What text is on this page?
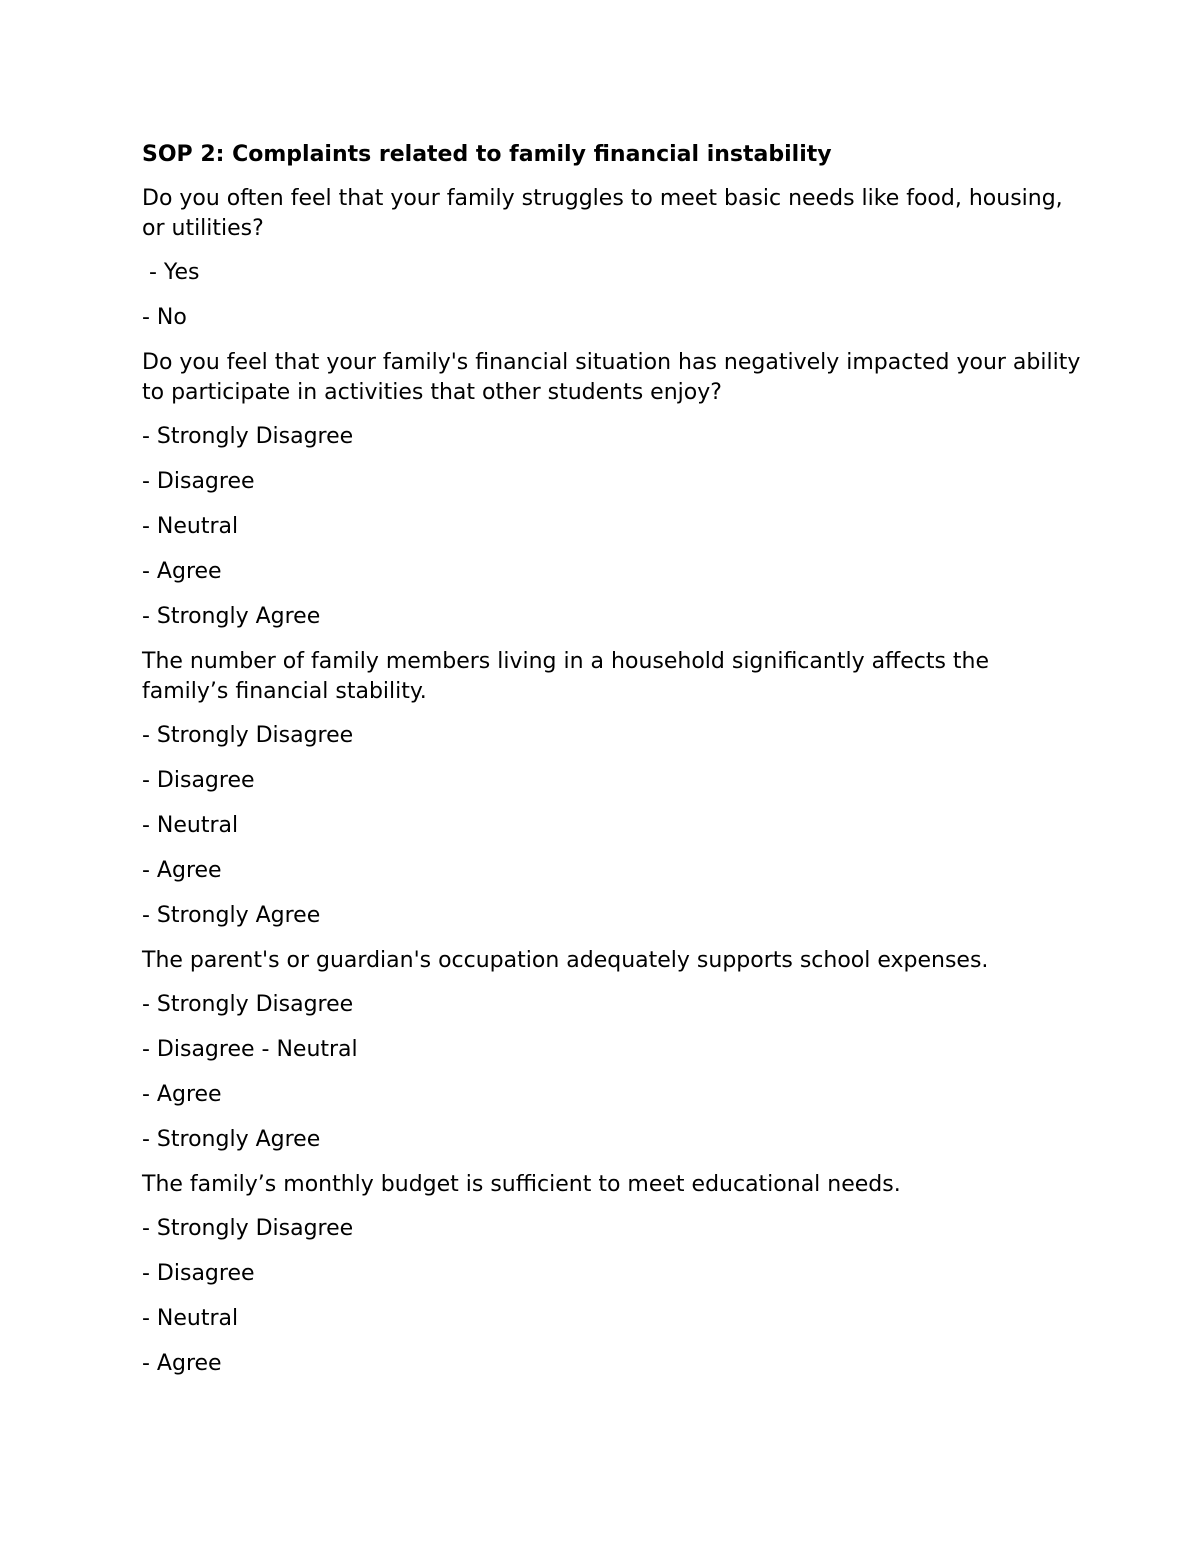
SOP 2: Complaints related to family financial instability
Do you often feel that your family struggles to meet basic needs like food, housing, or utilities?
- Yes
- No
Do you feel that your family's financial situation has negatively impacted your ability to participate in activities that other students enjoy?
- Strongly Disagree
- Disagree
- Neutral
- Agree
- Strongly Agree
The number of family members living in a household significantly affects the family’s financial stability.
- Strongly Disagree
- Disagree
- Neutral
- Agree
- Strongly Agree
The parent's or guardian's occupation adequately supports school expenses.
- Strongly Disagree
- Disagree - Neutral
- Agree
- Strongly Agree
The family’s monthly budget is sufficient to meet educational needs.
- Strongly Disagree
- Disagree
- Neutral
- Agree
